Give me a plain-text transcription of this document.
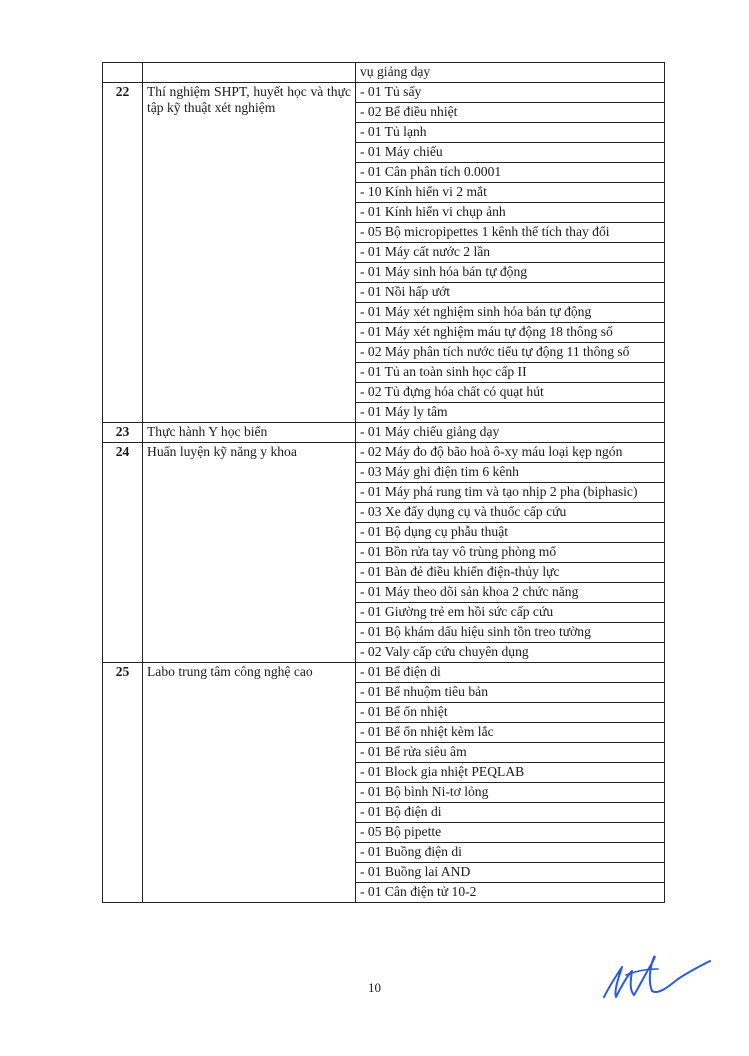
		vụ giảng dạy
22	Thí nghiệm SHPT, huyết học và thực tập kỹ thuật xét nghiệm	- 01 Tủ sấy
		- 02 Bể điều nhiệt
		- 01 Tủ lạnh
		- 01 Máy chiếu
		- 01 Cân phân tích 0.0001
		- 10 Kính hiển vi 2 mắt
		- 01 Kính hiển vi chụp ảnh
		- 05 Bộ micropipettes 1 kênh thể tích thay đổi
		- 01 Máy cất nước 2 lần
		- 01 Máy sinh hóa bán tự động
		- 01 Nồi hấp ướt
		- 01 Máy xét nghiệm sinh hóa bán tự động
		- 01 Máy xét nghiệm máu tự động 18 thông số
		- 02 Máy phân tích nước tiểu tự động 11 thông số
		- 01 Tủ an toàn sinh học cấp II
		- 02 Tủ đựng hóa chất có quạt hút
		- 01 Máy ly tâm
23	Thực hành Y học biển	- 01 Máy chiếu giảng dạy
24	Huấn luyện kỹ năng y khoa	- 02 Máy đo độ bão hoà ô-xy máu loại kẹp ngón
		- 03 Máy ghi điện tim 6 kênh
		- 01 Máy phá rung tim và tạo nhịp 2 pha (biphasic)
		- 03 Xe đẩy dụng cụ và thuốc cấp cứu
		- 01 Bộ dụng cụ phẫu thuật
		- 01 Bồn rửa tay vô trùng phòng mổ
		- 01 Bàn đẻ điều khiển điện-thủy lực
		- 01 Máy theo dõi sản khoa 2 chức năng
		- 01 Giường trẻ em hồi sức cấp cứu
		- 01 Bộ khám dấu hiệu sinh tồn treo tường
		- 02 Valy cấp cứu chuyên dụng
25	Labo trung tâm công nghệ cao	- 01 Bể điện di
		- 01 Bể nhuộm tiêu bản
		- 01 Bể ổn nhiệt
		- 01 Bể ổn nhiệt kèm lắc
		- 01 Bể rửa siêu âm
		- 01 Block gia nhiệt PEQLAB
		- 01 Bộ bình Ni-tơ lỏng
		- 01 Bộ điện di
		- 05 Bộ pipette
		- 01 Buồng điện di
		- 01 Buồng lai AND
		- 01 Cân điện tử 10-2
10
